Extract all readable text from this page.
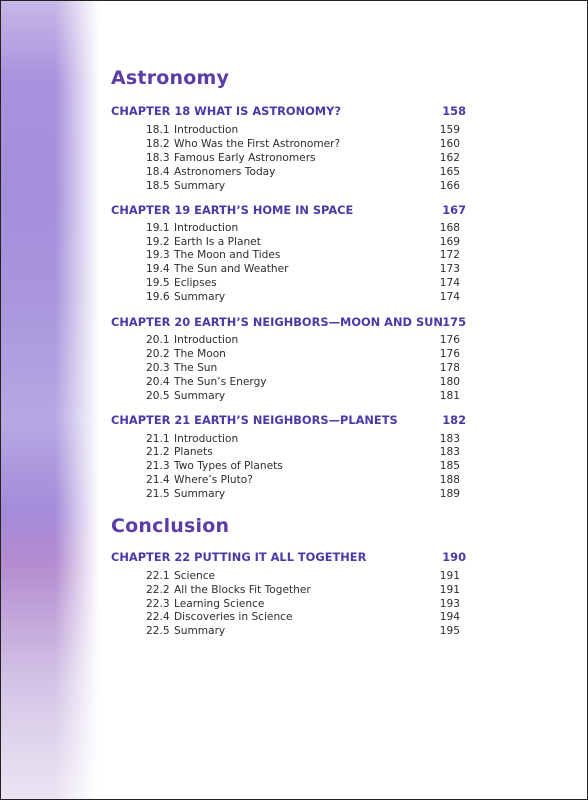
Astronomy
CHAPTER 18 WHAT IS ASTRONOMY?	158
18.1 Introduction	159
18.2 Who Was the First Astronomer?	160
18.3 Famous Early Astronomers	162
18.4 Astronomers Today	165
18.5 Summary	166
CHAPTER 19 EARTH’S HOME IN SPACE	167
19.1 Introduction	168
19.2 Earth Is a Planet	169
19.3 The Moon and Tides	172
19.4 The Sun and Weather	173
19.5 Eclipses	174
19.6 Summary	174
CHAPTER 20 EARTH’S NEIGHBORS—MOON AND SUN 175
20.1 Introduction	176
20.2 The Moon	176
20.3 The Sun	178
20.4 The Sun’s Energy	180
20.5 Summary	181
CHAPTER 21 EARTH’S NEIGHBORS—PLANETS	182
21.1 Introduction	183
21.2 Planets	183
21.3 Two Types of Planets	185
21.4 Where’s Pluto?	188
21.5 Summary	189
Conclusion
CHAPTER 22 PUTTING IT ALL TOGETHER	190
22.1 Science	191
22.2 All the Blocks Fit Together	191
22.3 Learning Science	193
22.4 Discoveries in Science	194
22.5 Summary	195
